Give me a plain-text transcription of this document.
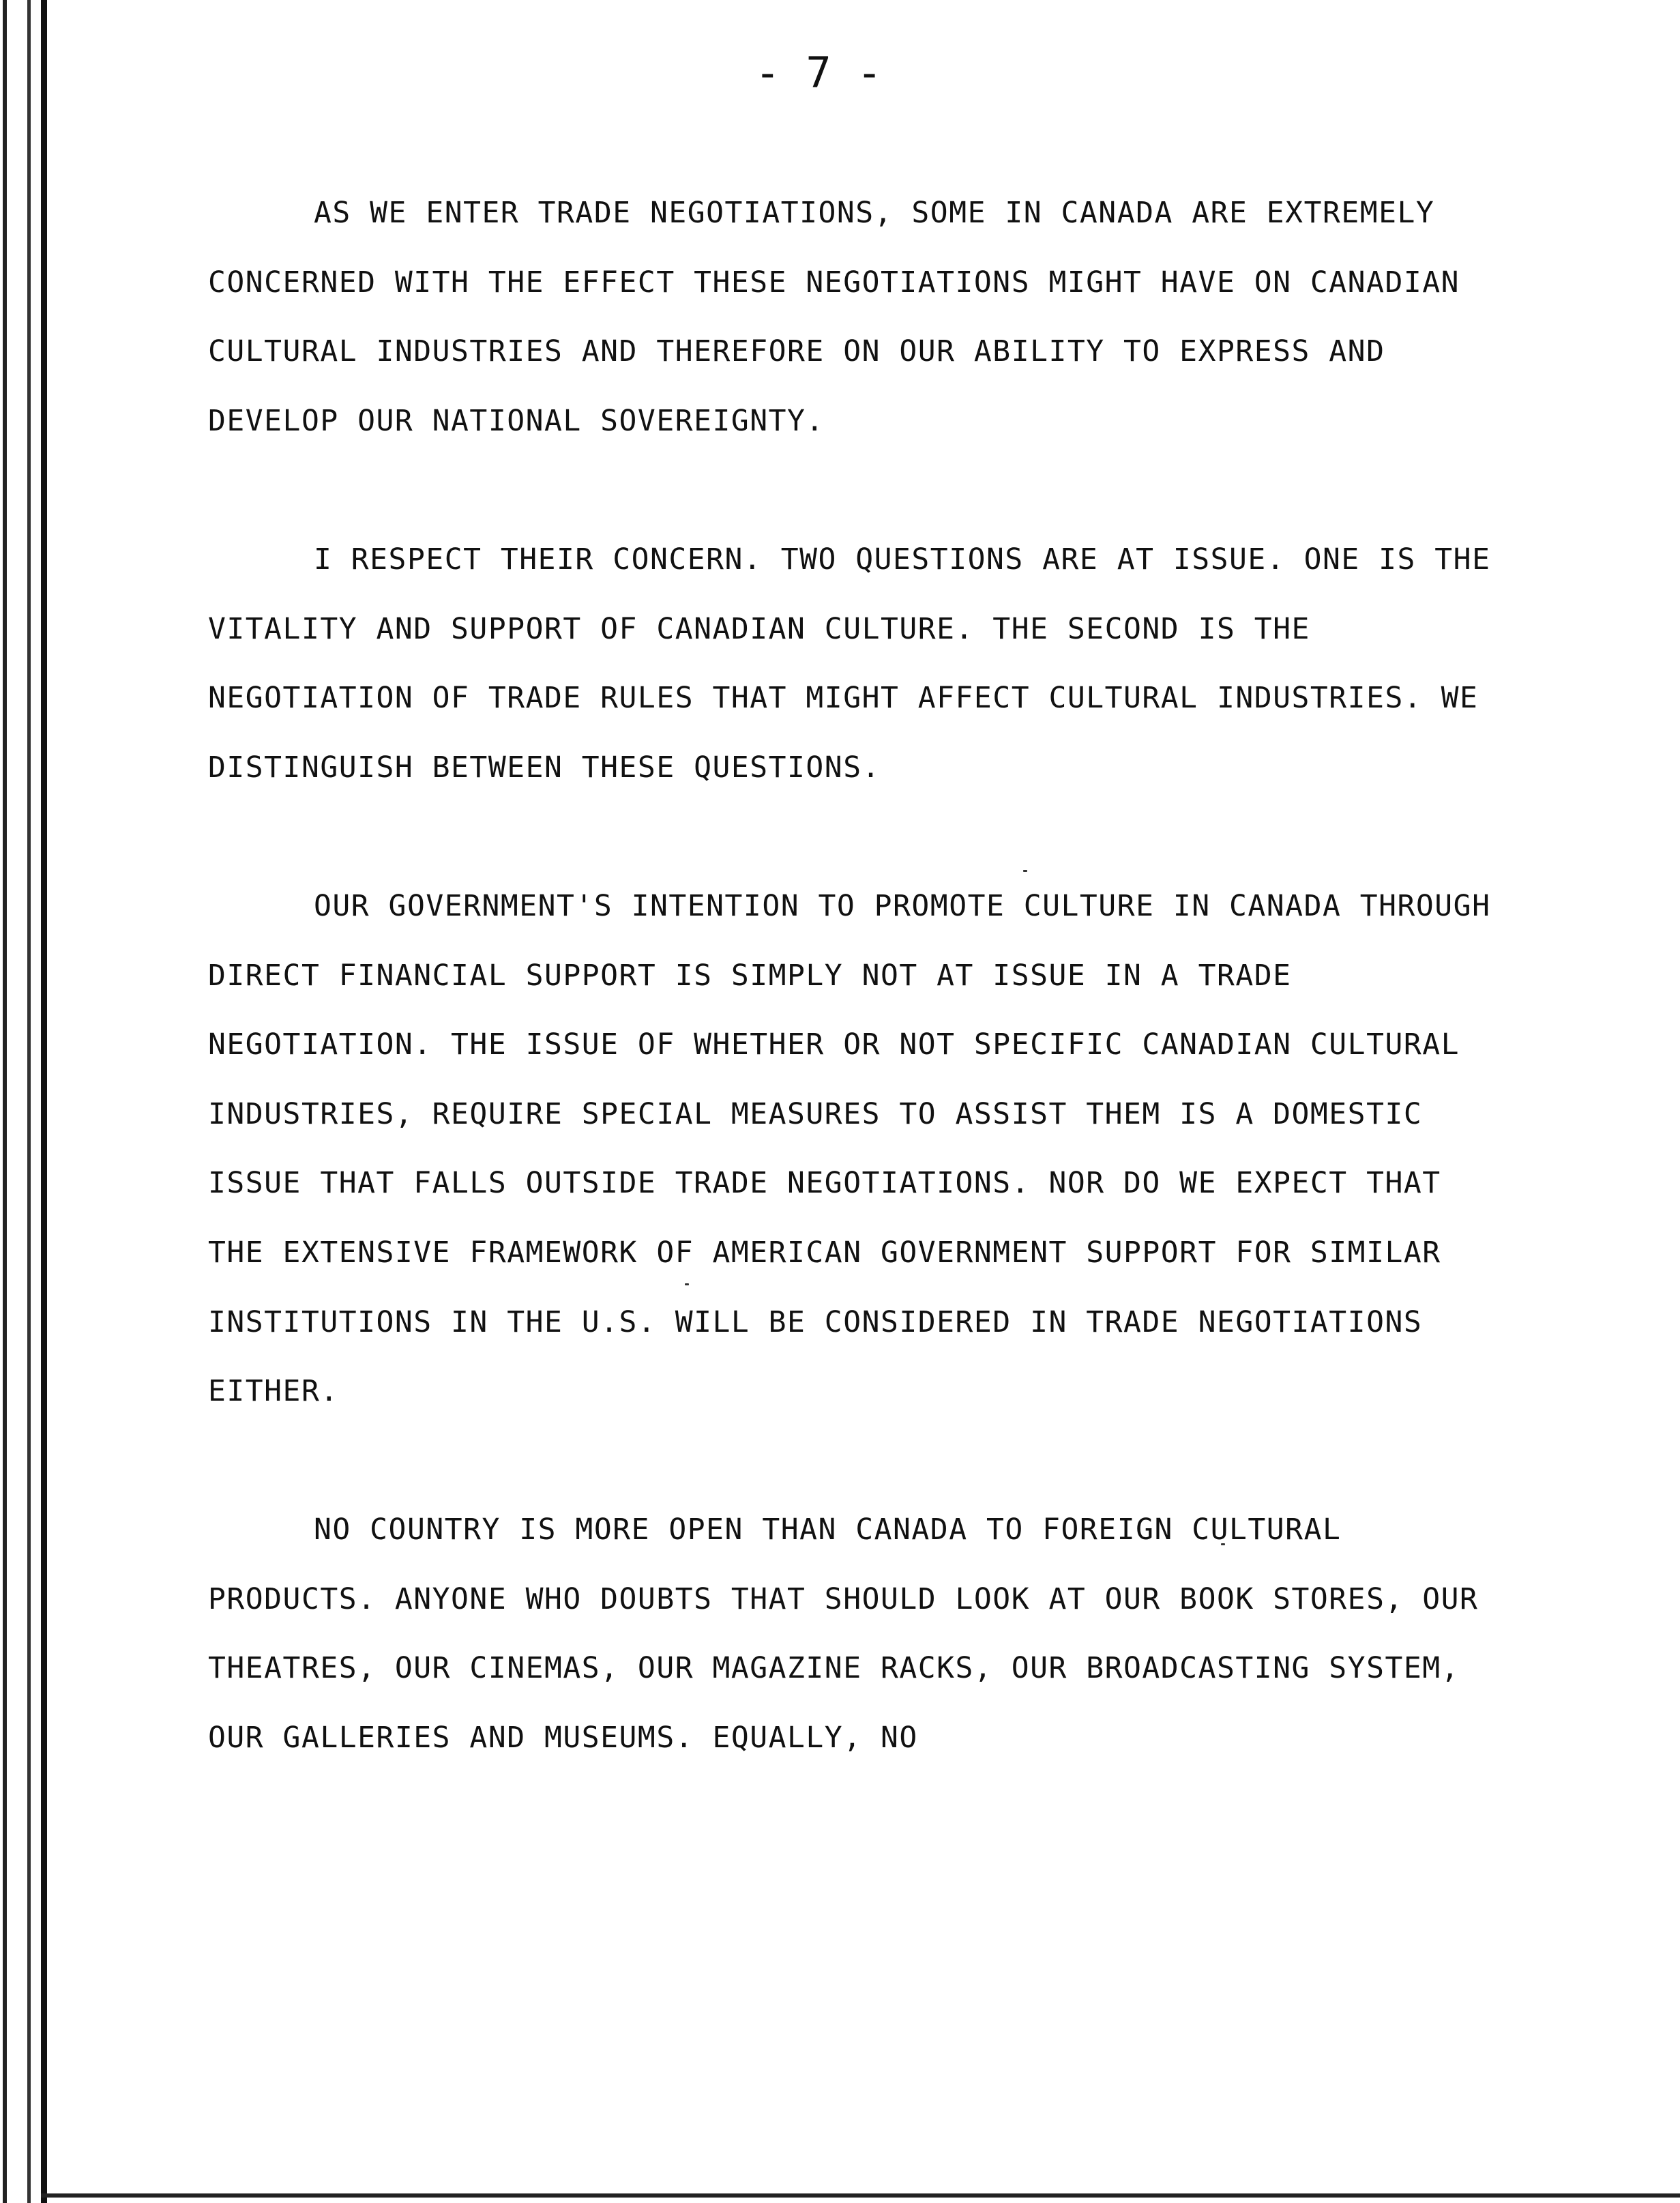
- 7 -

AS WE ENTER TRADE NEGOTIATIONS, SOME IN CANADA ARE EXTREMELY CONCERNED WITH THE EFFECT THESE NEGOTIATIONS MIGHT HAVE ON CANADIAN CULTURAL INDUSTRIES AND THEREFORE ON OUR ABILITY TO EXPRESS AND DEVELOP OUR NATIONAL SOVEREIGNTY.

I RESPECT THEIR CONCERN. TWO QUESTIONS ARE AT ISSUE. ONE IS THE VITALITY AND SUPPORT OF CANADIAN CULTURE. THE SECOND IS THE NEGOTIATION OF TRADE RULES THAT MIGHT AFFECT CULTURAL INDUSTRIES. WE DISTINGUISH BETWEEN THESE QUESTIONS.

OUR GOVERNMENT'S INTENTION TO PROMOTE CULTURE IN CANADA THROUGH DIRECT FINANCIAL SUPPORT IS SIMPLY NOT AT ISSUE IN A TRADE NEGOTIATION. THE ISSUE OF WHETHER OR NOT SPECIFIC CANADIAN CULTURAL INDUSTRIES, REQUIRE SPECIAL MEASURES TO ASSIST THEM IS A DOMESTIC ISSUE THAT FALLS OUTSIDE TRADE NEGOTIATIONS. NOR DO WE EXPECT THAT THE EXTENSIVE FRAMEWORK OF AMERICAN GOVERNMENT SUPPORT FOR SIMILAR INSTITUTIONS IN THE U.S. WILL BE CONSIDERED IN TRADE NEGOTIATIONS EITHER.

NO COUNTRY IS MORE OPEN THAN CANADA TO FOREIGN CULTURAL PRODUCTS. ANYONE WHO DOUBTS THAT SHOULD LOOK AT OUR BOOK STORES, OUR THEATRES, OUR CINEMAS, OUR MAGAZINE RACKS, OUR BROADCASTING SYSTEM, OUR GALLERIES AND MUSEUMS. EQUALLY, NO
